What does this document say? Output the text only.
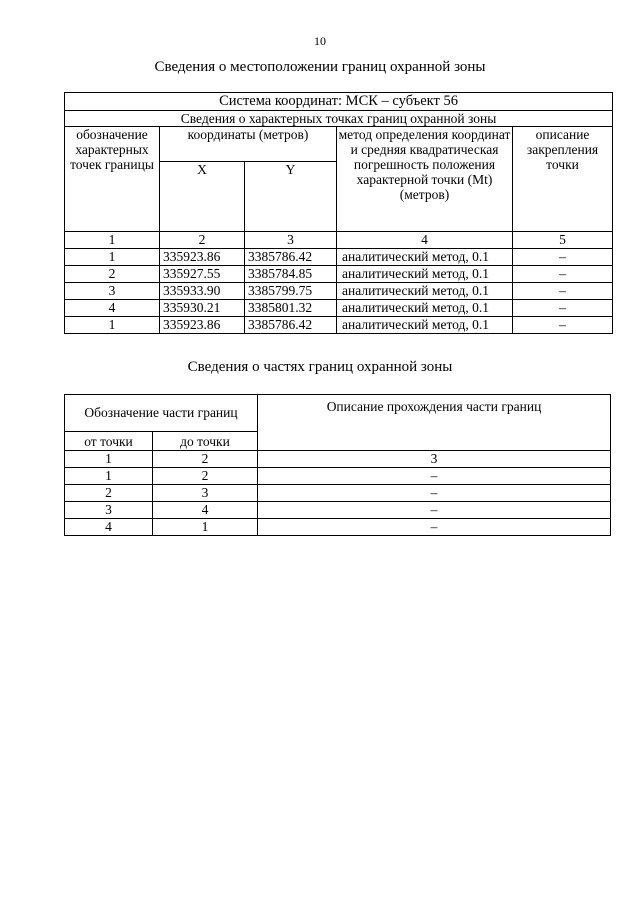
10
Сведения о местоположении границ охранной зоны
Система координат: МСК – субъект 56				
Сведения о характерных точках границ охранной зоны				
обозначение характерных точек границы	координаты (метров)		метод определения координат и средняя квадратическая погрешность положения характерной точки (Mt) (метров)	описание закрепления точки
	X	Y		
1	2	3	4	5
1	335923.86	3385786.42	аналитический метод, 0.1	–
2	335927.55	3385784.85	аналитический метод, 0.1	–
3	335933.90	3385799.75	аналитический метод, 0.1	–
4	335930.21	3385801.32	аналитический метод, 0.1	–
1	335923.86	3385786.42	аналитический метод, 0.1	–
Сведения о частях границ охранной зоны
Обозначение части границ		Описание прохождения части границ
от точки	до точки	
1	2	3
1	2	–
2	3	–
3	4	–
4	1	–
